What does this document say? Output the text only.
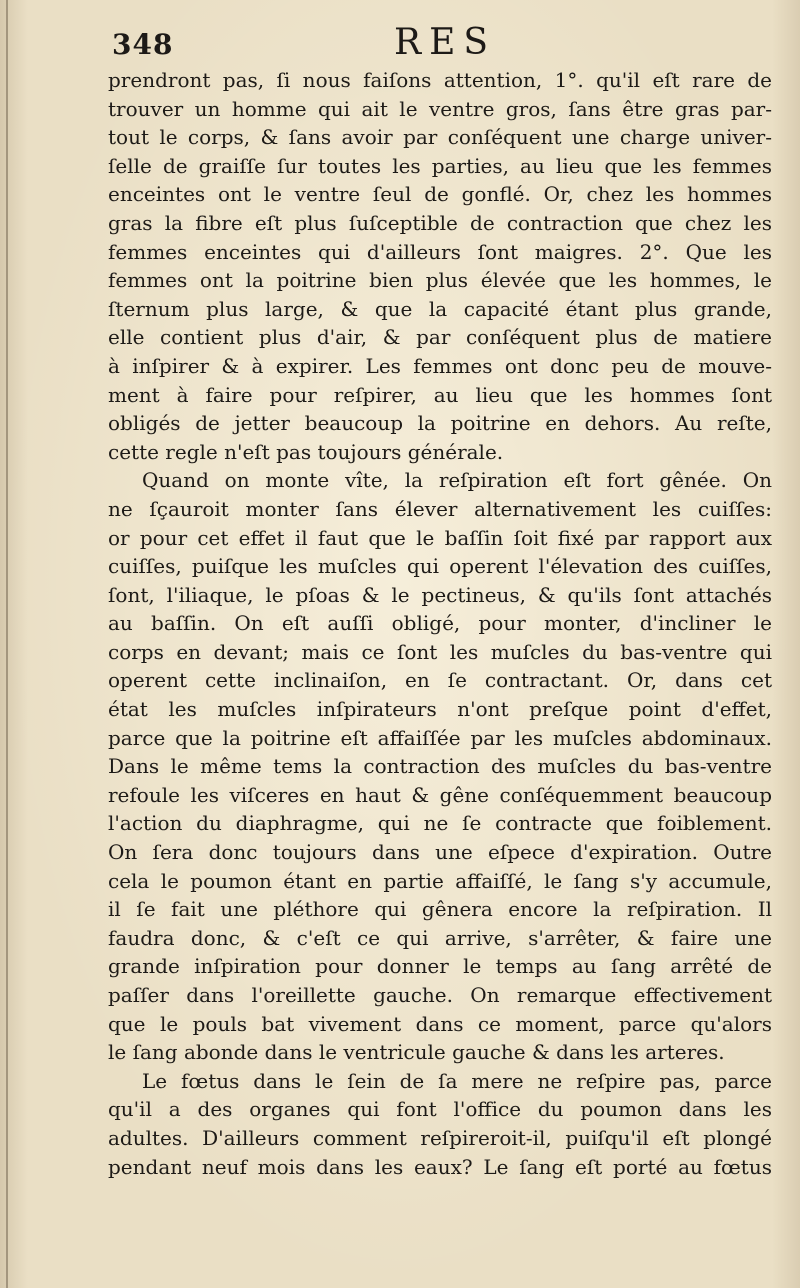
348	RES
prendront pas, ſi nous faiſons attention, 1°. qu'il eſt rare de
trouver un homme qui ait le ventre gros, ſans être gras par-
tout le corps, & ſans avoir par conſéquent une charge univer-
ſelle de graiſſe ſur toutes les parties, au lieu que les femmes
enceintes ont le ventre ſeul de gonflé. Or, chez les hommes
gras la fibre eſt plus ſuſceptible de contraction que chez les
femmes enceintes qui d'ailleurs ſont maigres. 2°. Que les
femmes ont la poitrine bien plus élevée que les hommes, le
ſternum plus large, & que la capacité étant plus grande,
elle contient plus d'air, & par conſéquent plus de matiere
à inſpirer & à expirer. Les femmes ont donc peu de mouve-
ment à faire pour reſpirer, au lieu que les hommes ſont
obligés de jetter beaucoup la poitrine en dehors. Au reſte,
cette regle n'eſt pas toujours générale.
Quand on monte vîte, la reſpiration eſt fort gênée. On
ne ſçauroit monter ſans élever alternativement les cuiſſes:
or pour cet effet il faut que le baſſin ſoit fixé par rapport aux
cuiſſes, puiſque les muſcles qui operent l'élevation des cuiſſes,
ſont, l'iliaque, le pſoas & le pectineus, & qu'ils ſont attachés
au baſſin. On eſt auſſi obligé, pour monter, d'incliner le
corps en devant; mais ce ſont les muſcles du bas-ventre qui
operent cette inclinaiſon, en ſe contractant. Or, dans cet
état les muſcles inſpirateurs n'ont preſque point d'effet,
parce que la poitrine eſt affaiſſée par les muſcles abdominaux.
Dans le même tems la contraction des muſcles du bas-ventre
refoule les viſceres en haut & gêne conſéquemment beaucoup
l'action du diaphragme, qui ne ſe contracte que foiblement.
On ſera donc toujours dans une eſpece d'expiration. Outre
cela le poumon étant en partie affaiſſé, le ſang s'y accumule,
il ſe fait une pléthore qui gênera encore la reſpiration. Il
faudra donc, & c'eſt ce qui arrive, s'arrêter, & faire une
grande inſpiration pour donner le temps au ſang arrêté de
paſſer dans l'oreillette gauche. On remarque effectivement
que le pouls bat vivement dans ce moment, parce qu'alors
le ſang abonde dans le ventricule gauche & dans les arteres.
Le fœtus dans le ſein de ſa mere ne reſpire pas, parce
qu'il a des organes qui font l'office du poumon dans les
adultes. D'ailleurs comment reſpireroit-il, puiſqu'il eſt plongé
pendant neuf mois dans les eaux? Le ſang eſt porté au fœtus
